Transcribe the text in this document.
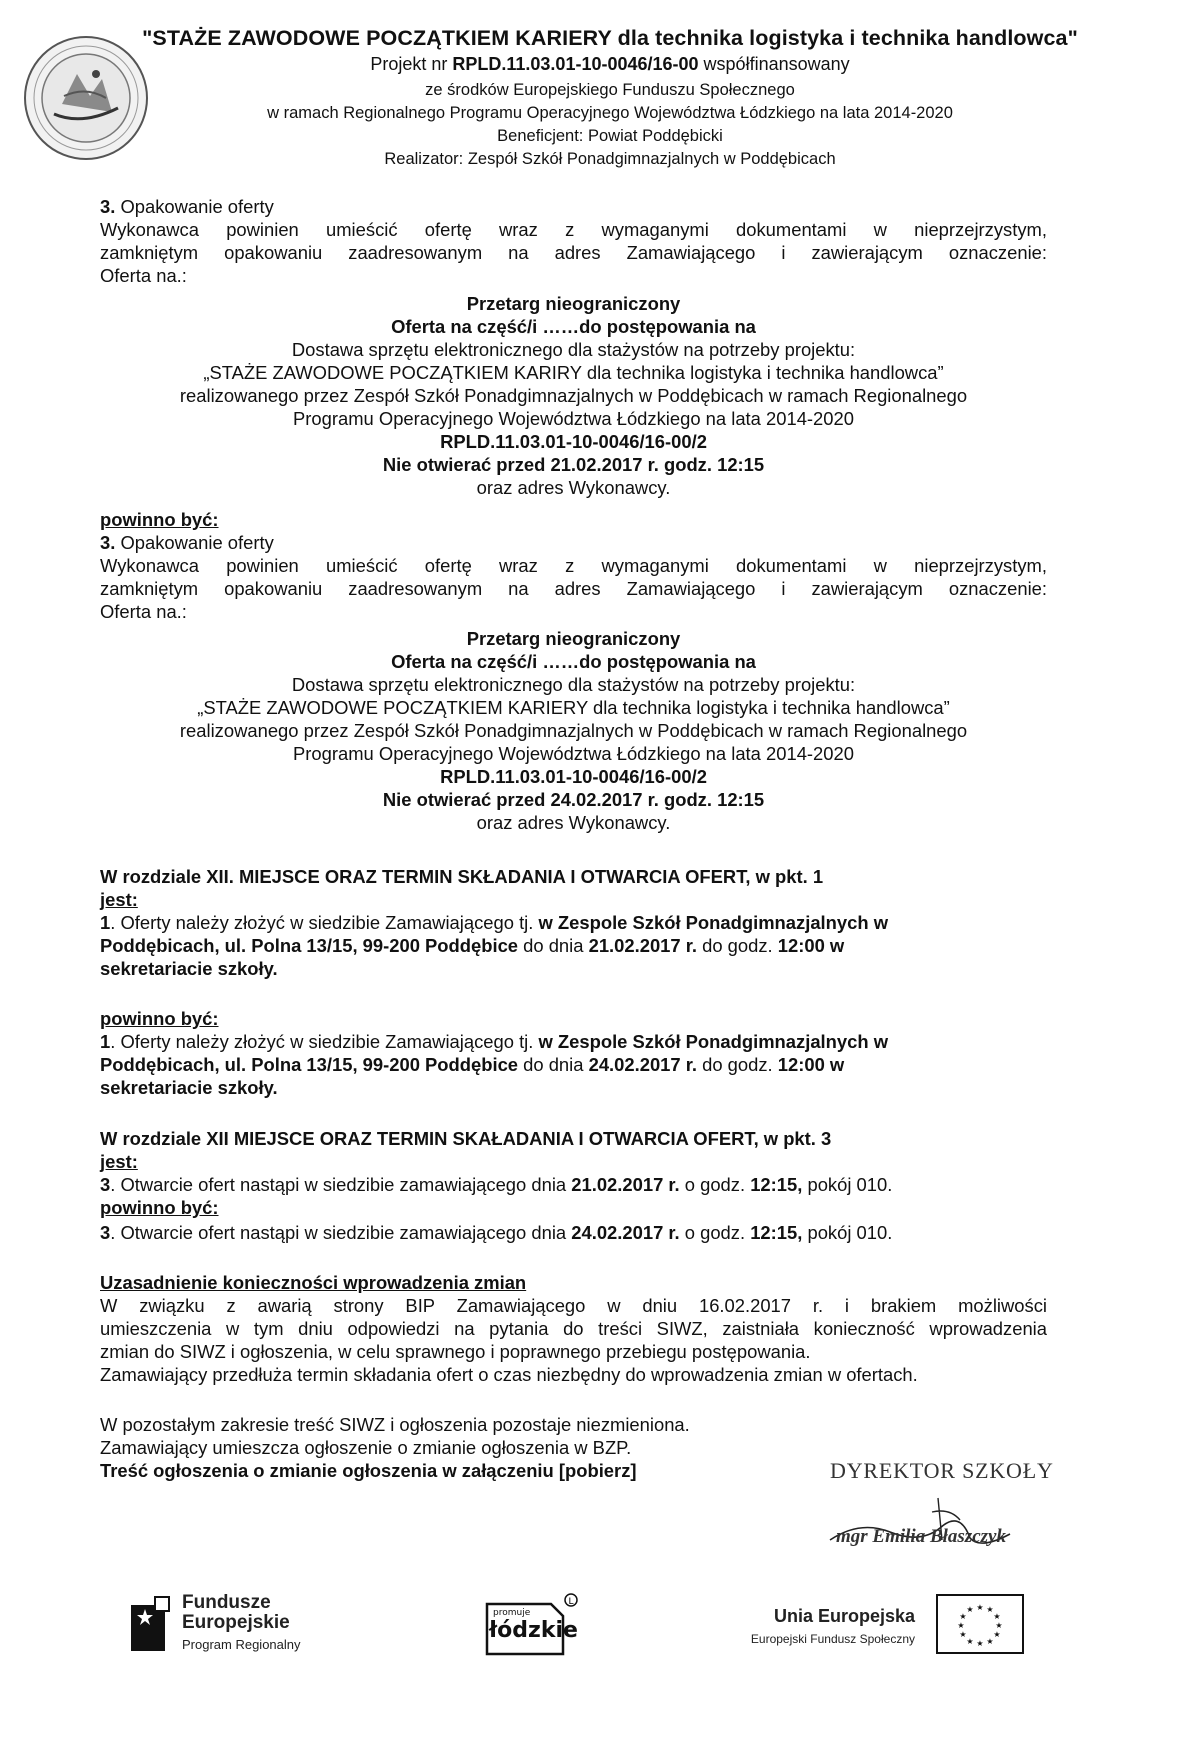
"STAŻE ZAWODOWE POCZĄTKIEM KARIERY dla technika logistyka i technika handlowca"
Projekt nr RPLD.11.03.01-10-0046/16-00 współfinansowany
ze środków Europejskiego Funduszu Społecznego
w ramach Regionalnego Programu Operacyjnego Województwa Łódzkiego na lata 2014-2020
Beneficjent: Powiat Poddębicki
Realizator: Zespół Szkół Ponadgimnazjalnych w Poddębicach
3. Opakowanie oferty
Wykonawca powinien umieścić ofertę wraz z wymaganymi dokumentami w nieprzejrzystym,
zamkniętym opakowaniu zaadresowanym na adres Zamawiającego i zawierającym oznaczenie:
Oferta na.:
Przetarg nieograniczony
Oferta na część/i ……do postępowania na
Dostawa sprzętu elektronicznego dla stażystów na potrzeby projektu:
„STAŻE ZAWODOWE POCZĄTKIEM KARIRY dla technika logistyka i technika handlowca”
realizowanego przez Zespół Szkół Ponadgimnazjalnych w Poddębicach w ramach Regionalnego
Programu Operacyjnego Województwa Łódzkiego na lata 2014-2020
RPLD.11.03.01-10-0046/16-00/2
Nie otwierać przed 21.02.2017 r. godz. 12:15
oraz adres Wykonawcy.
powinno być:
3. Opakowanie oferty
Wykonawca powinien umieścić ofertę wraz z wymaganymi dokumentami w nieprzejrzystym,
zamkniętym opakowaniu zaadresowanym na adres Zamawiającego i zawierającym oznaczenie:
Oferta na.:
Przetarg nieograniczony
Oferta na część/i ……do postępowania na
Dostawa sprzętu elektronicznego dla stażystów na potrzeby projektu:
„STAŻE ZAWODOWE POCZĄTKIEM KARIERY dla technika logistyka i technika handlowca”
realizowanego przez Zespół Szkół Ponadgimnazjalnych w Poddębicach w ramach Regionalnego
Programu Operacyjnego Województwa Łódzkiego na lata 2014-2020
RPLD.11.03.01-10-0046/16-00/2
Nie otwierać przed 24.02.2017 r. godz. 12:15
oraz adres Wykonawcy.
W rozdziale XII. MIEJSCE ORAZ TERMIN SKŁADANIA I OTWARCIA OFERT, w pkt. 1
jest:
1. Oferty należy złożyć w siedzibie Zamawiającego tj. w Zespole Szkół Ponadgimnazjalnych w
Poddębicach, ul. Polna 13/15, 99-200 Poddębice do dnia 21.02.2017 r. do godz. 12:00 w
sekretariacie szkoły.
powinno być:
1. Oferty należy złożyć w siedzibie Zamawiającego tj. w Zespole Szkół Ponadgimnazjalnych w
Poddębicach, ul. Polna 13/15, 99-200 Poddębice do dnia 24.02.2017 r. do godz. 12:00 w
sekretariacie szkoły.
W rozdziale XII MIEJSCE ORAZ TERMIN SKAŁADANIA I OTWARCIA OFERT, w pkt. 3
jest:
3. Otwarcie ofert nastąpi w siedzibie zamawiającego dnia 21.02.2017 r. o godz. 12:15, pokój 010.
powinno być:
3. Otwarcie ofert nastąpi w siedzibie zamawiającego dnia 24.02.2017 r. o godz. 12:15, pokój 010.
Uzasadnienie konieczności wprowadzenia zmian
W związku z awarią strony BIP Zamawiającego w dniu 16.02.2017 r. i brakiem możliwości
umieszczenia w tym dniu odpowiedzi na pytania do treści SIWZ, zaistniała konieczność wprowadzenia
zmian do SIWZ i ogłoszenia, w celu sprawnego i poprawnego przebiegu postępowania.
Zamawiający przedłuża termin składania ofert o czas niezbędny do wprowadzenia zmian w ofertach.
W pozostałym zakresie treść SIWZ i ogłoszenia pozostaje niezmieniona.
Zamawiający umieszcza ogłoszenie o zmianie ogłoszenia w BZP.
Treść ogłoszenia o zmianie ogłoszenia w załączeniu [pobierz]	DYREKTOR SZKOŁY
mgr Emilia Błaszczyk
Fundusze
Europejskie
Program Regionalny
L
promuje
łódzkie
Unia Europejska
Europejski Fundusz Społeczny
★ ★
★
★
★
★
★
★
★
★
★
★
